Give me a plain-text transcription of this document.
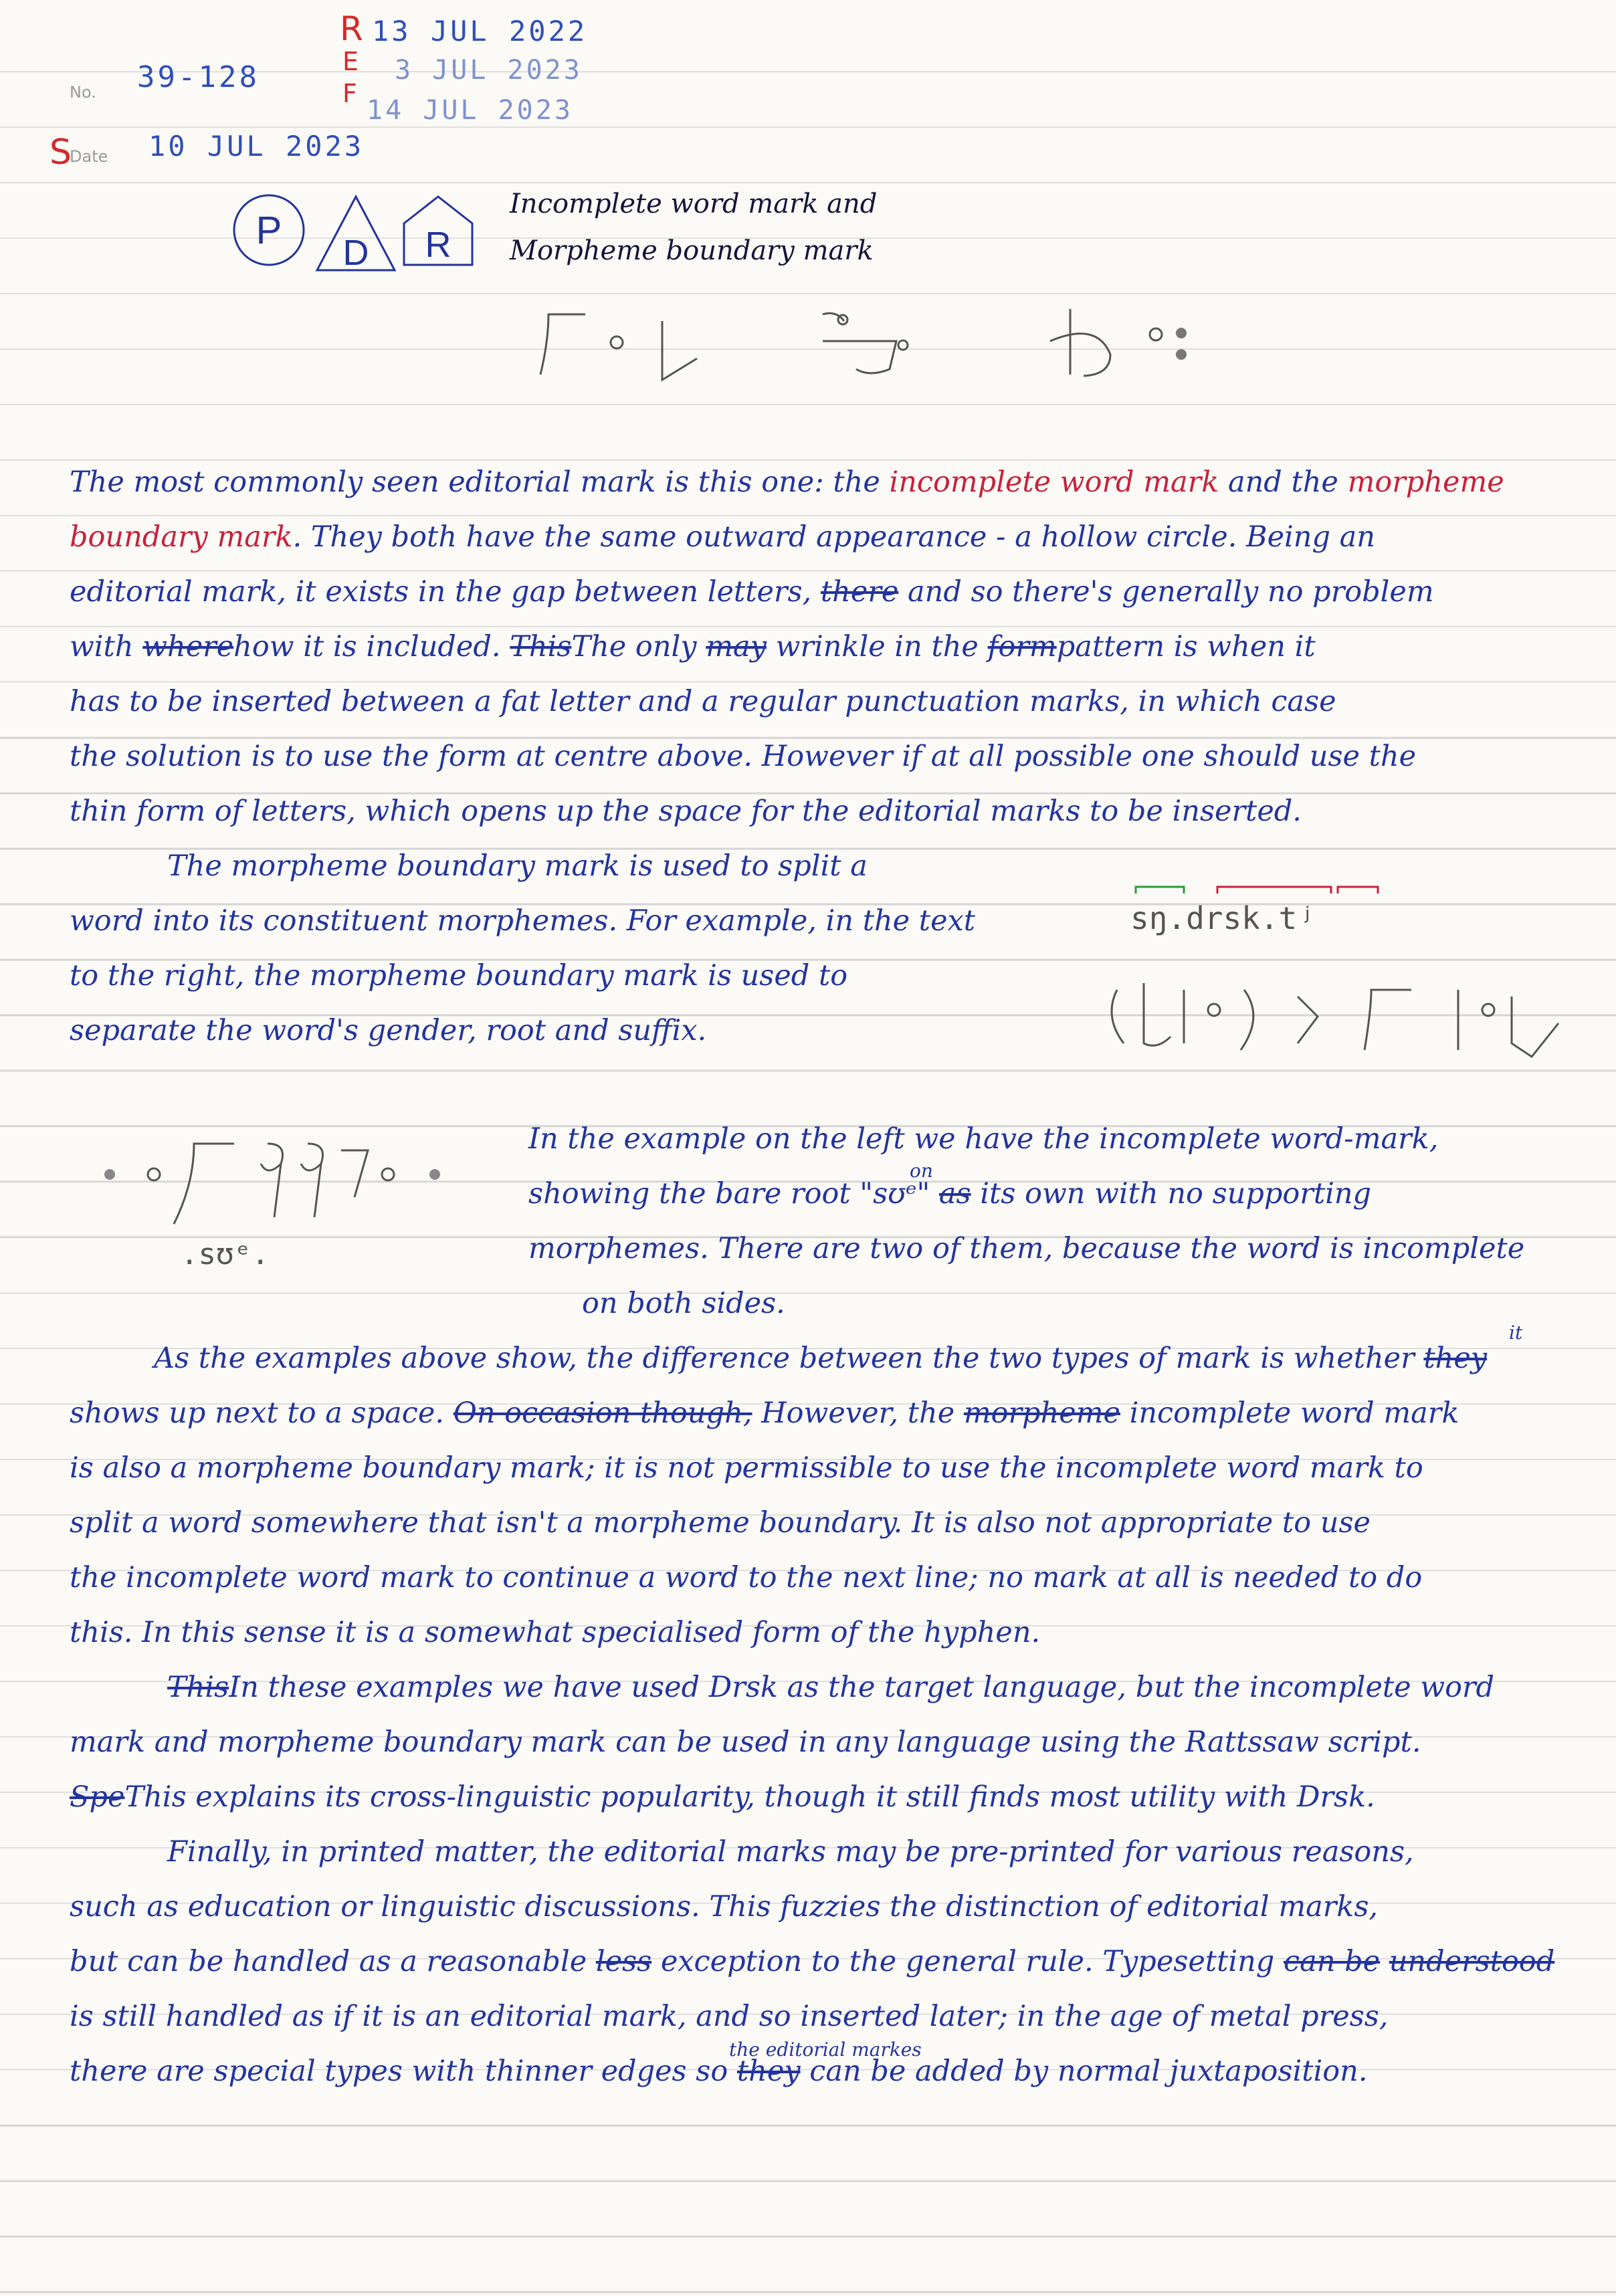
No. 39-128
S
Date 10 JUL 2023
R
E
F
13 JUL 2022
3 JUL 2023
14 JUL 2023
P
D R
Incomplete word mark and
Morpheme boundary mark

The most commonly seen editorial mark is this one: the incomplete word mark and the morpheme

boundary mark. They both have the same outward appearance - a hollow circle. Being an

editorial mark, it exists in the gap between letters, there and so there's generally no problem

with wherehow it is included. ThisThe only may wrinkle in the formpattern is when it

has to be inserted between a fat letter and a regular punctuation marks, in which case

the solution is to use the form at centre above. However if at all possible one should use the

thin form of letters, which opens up the space for the editorial marks to be inserted.

The morpheme boundary mark is used to split a

word into its constituent morphemes. For example, in the text

to the right, the morpheme boundary mark is used to

separate the word's gender, root and suffix.

sŋ.drsk.tʲ
.sʊᵉ.

In the example on the left we have the incomplete word-mark,

showing the bare root "sʊᵉ" as its own with no supporting

on

morphemes. There are two of them, because the word is incomplete

on both sides.

As the examples above show, the difference between the two types of mark is whether they

it

shows up next to a space. On occasion though, However, the morpheme incomplete word mark

is also a morpheme boundary mark; it is not permissible to use the incomplete word mark to

split a word somewhere that isn't a morpheme boundary. It is also not appropriate to use

the incomplete word mark to continue a word to the next line; no mark at all is needed to do

this. In this sense it is a somewhat specialised form of the hyphen.

ThisIn these examples we have used Drsk as the target language, but the incomplete word

mark and morpheme boundary mark can be used in any language using the Rattssaw script.

SpeThis explains its cross-linguistic popularity, though it still finds most utility with Drsk.

Finally, in printed matter, the editorial marks may be pre-printed for various reasons,

such as education or linguistic discussions. This fuzzies the distinction of editorial marks,

but can be handled as a reasonable less exception to the general rule. Typesetting can be understood

is still handled as if it is an editorial mark, and so inserted later; in the age of metal press,

there are special types with thinner edges so they can be added by normal juxtaposition.

the editorial markes
